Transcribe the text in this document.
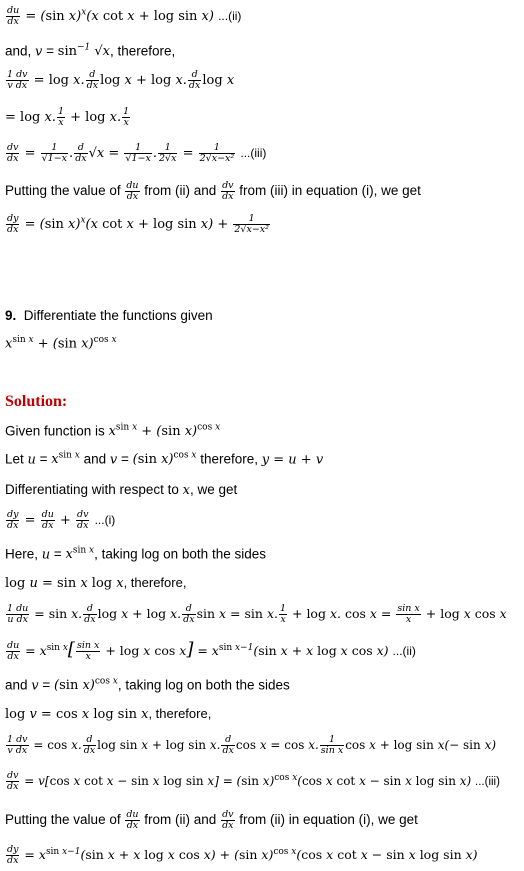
$\frac{du}{dx} = (\sin$ x)$^x$(x cot x + log sin x) ...(ii)
and, $v = \sin^{-1} √x$, therefore,
$\frac{1 dv}{\text{v dx}} = \log x$. $\frac{d}{dx}$ log x + log x. $\frac{d}{dx}$ log x
= log x. $\frac{1}{x} + \log x$. $\frac{1}{x}$
$\frac{dv}{dx} = \frac{1}{√1-x}$ . $\frac{d}{dx} √x = \frac{1}{√1-x}$ . $\frac{1}{2√x} = \frac{1}{\text{2√x−x²}} ...(iii)$
Putting the value of $\frac{du}{dx}$ from (ii) and $\frac{dv}{dx}$ from (iii) in equation (i), we get
$\frac{dy}{dx} = (\sin$ x)$^x$(x $\cot x + \log \sin x) + \frac{1}{\text{2√x−x²}}$
9. Differentiate the functions given
$x^{sin x} + (\sin$ x)$^{cos x}$
Solution:
Given function is $x^{sin x} + (\sin$ x)$^{cos x}$
Let $u = x^{sin x}$ and v = (sin x)$^{cos x}$ therefore, y = u + v
Differentiating with respect to x, we get
$\frac{dy}{dx} = \frac{du}{dx} + \frac{dv}{dx} ...(i)$
Here, $u = x^{sin x}$, taking log on both the sides
log u = sin x log x, therefore,
$\frac{1 du}{\text{u dx}} = \sin x$. $\frac{d}{dx}$ log x + log x. $\frac{d}{dx}$ sin x = sin x. $\frac{1}{x} + \log x$. $\cos x = \frac{\text{sin x}}{x} + \log x$ cos x
$\frac{du}{dx} = x^{sin x}[ \frac{\text{sin x}}{x} + \log x$ $\cos x] = x^{sin x-1}(\sin$ x + x log x cos x) ...(ii)
and v = (sin x)$^{cos x}$, taking log on both the sides
log v = cos x log sin x, therefore,
$\frac{1 dv}{\text{v dx}} = \cos x$. $\frac{d}{dx}$ log sin x + log sin x. $\frac{d}{dx}$ cos x = cos x. $\frac{1}{\text{sin x}}$ cos x + log sin x(− sin x)
$\frac{dv}{dx} = v[\cos$ x cot x − sin x log sin x] = (sin x)$^{cos x}$(cos x cot x − sin x log sin x) ...(iii)
Putting the value of $\frac{du}{dx}$ from (ii) and $\frac{dv}{dx}$ from (ii) in equation (i), we get
$\frac{dy}{dx} = x^{sin x-1}(\sin$ x + x log x cos x) + (sin x)$^{cos x}$(cos x cot x − sin x log sin x)
